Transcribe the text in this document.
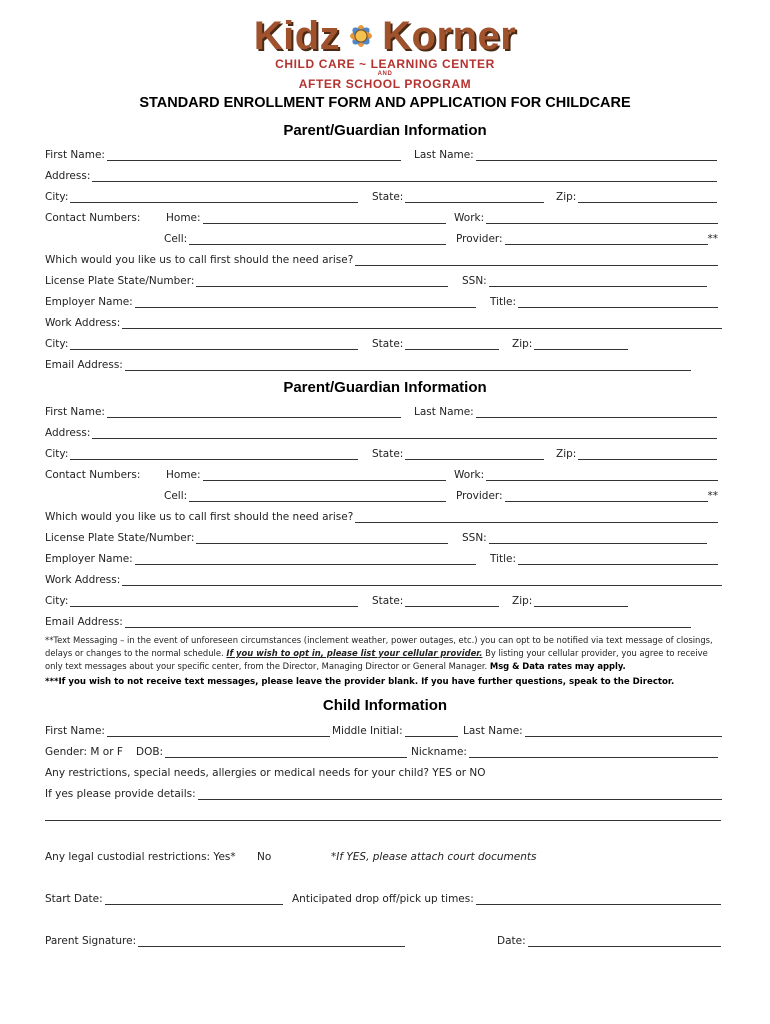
Kidz Korner
CHILD CARE ~ LEARNING CENTER
AND
AFTER SCHOOL PROGRAM
STANDARD ENROLLMENT FORM AND APPLICATION FOR CHILDCARE
Parent/Guardian Information
First Name:	Last Name:
Address:
City:	State:	Zip:
Contact Numbers: Home:	Work:
Cell:	Provider:	**
Which would you like us to call first should the need arise?
License Plate State/Number:	SSN:
Employer Name:	Title:
Work Address:
City:	State:	Zip:
Email Address:
Parent/Guardian Information
First Name:	Last Name:
Address:
City:	State:	Zip:
Contact Numbers: Home:	Work:
Cell:	Provider:	**
Which would you like us to call first should the need arise?
License Plate State/Number:	SSN:
Employer Name:	Title:
Work Address:
City:	State:	Zip:
Email Address:
**Text Messaging – in the event of unforeseen circumstances (inclement weather, power outages, etc.) you can opt to be notified via text message of closings, delays or changes to the normal schedule. If you wish to opt in, please list your cellular provider. By listing your cellular provider, you agree to receive only text messages about your specific center, from the Director, Managing Director or General Manager. Msg & Data rates may apply.
***If you wish to not receive text messages, please leave the provider blank. If you have further questions, speak to the Director.
Child Information
First Name:	Middle Initial:	Last Name:
Gender: M or F DOB:	Nickname:
Any restrictions, special needs, allergies or medical needs for your child? YES or NO
If yes please provide details:
Any legal custodial restrictions: Yes* No	*If YES, please attach court documents
Start Date:	Anticipated drop off/pick up times:
Parent Signature:	Date:
